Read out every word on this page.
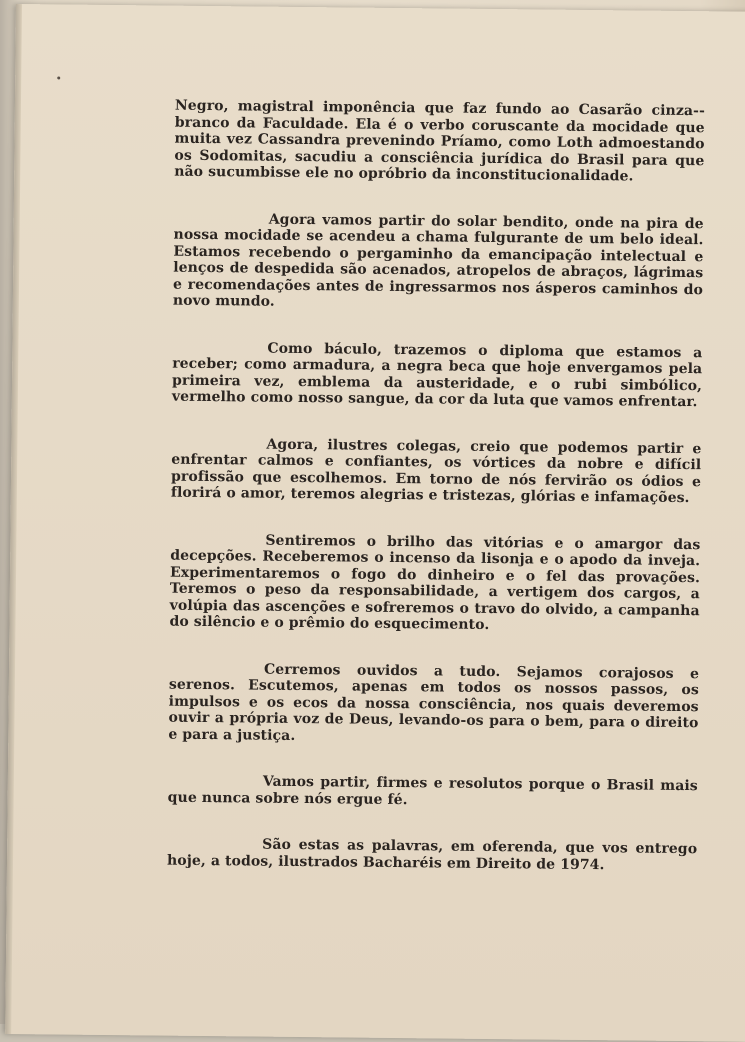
Negro, magistral imponência que faz fundo ao Casarão cinza--branco da Faculdade. Ela é o verbo coruscante da mocidade que muita vez Cassandra prevenindo Príamo, como Loth admoestando os Sodomitas, sacudiu a consciência jurídica do Brasil para que não sucumbisse ele no opróbrio da inconstitucionalidade.

Agora vamos partir do solar bendito, onde na pira de nossa mocidade se acendeu a chama fulgurante de um belo ideal. Estamos recebendo o pergaminho da emancipação intelectual e lenços de despedida são acenados, atropelos de abraços, lágrimas e recomendações antes de ingressarmos nos ásperos caminhos do novo mundo.

Como báculo, trazemos o diploma que estamos a receber; como armadura, a negra beca que hoje envergamos pela primeira vez, emblema da austeridade, e o rubi simbólico, vermelho como nosso sangue, da cor da luta que vamos enfrentar.

Agora, ilustres colegas, creio que podemos partir e enfrentar calmos e confiantes, os vórtices da nobre e difícil profissão que escolhemos. Em torno de nós fervirão os ódios e florirá o amor, teremos alegrias e tristezas, glórias e infamações.

Sentiremos o brilho das vitórias e o amargor das decepções. Receberemos o incenso da lisonja e o apodo da inveja. Experimentaremos o fogo do dinheiro e o fel das provações. Teremos o peso da responsabilidade, a vertigem dos cargos, a volúpia das ascenções e sofreremos o travo do olvido, a campanha do silêncio e o prêmio do esquecimento.

Cerremos ouvidos a tudo. Sejamos corajosos e serenos. Escutemos, apenas em todos os nossos passos, os impulsos e os ecos da nossa consciência, nos quais deveremos ouvir a própria voz de Deus, levando-os para o bem, para o direito e para a justiça.

Vamos partir, firmes e resolutos porque o Brasil mais que nunca sobre nós ergue fé.

São estas as palavras, em oferenda, que vos entrego hoje, a todos, ilustrados Bacharéis em Direito de 1974.
